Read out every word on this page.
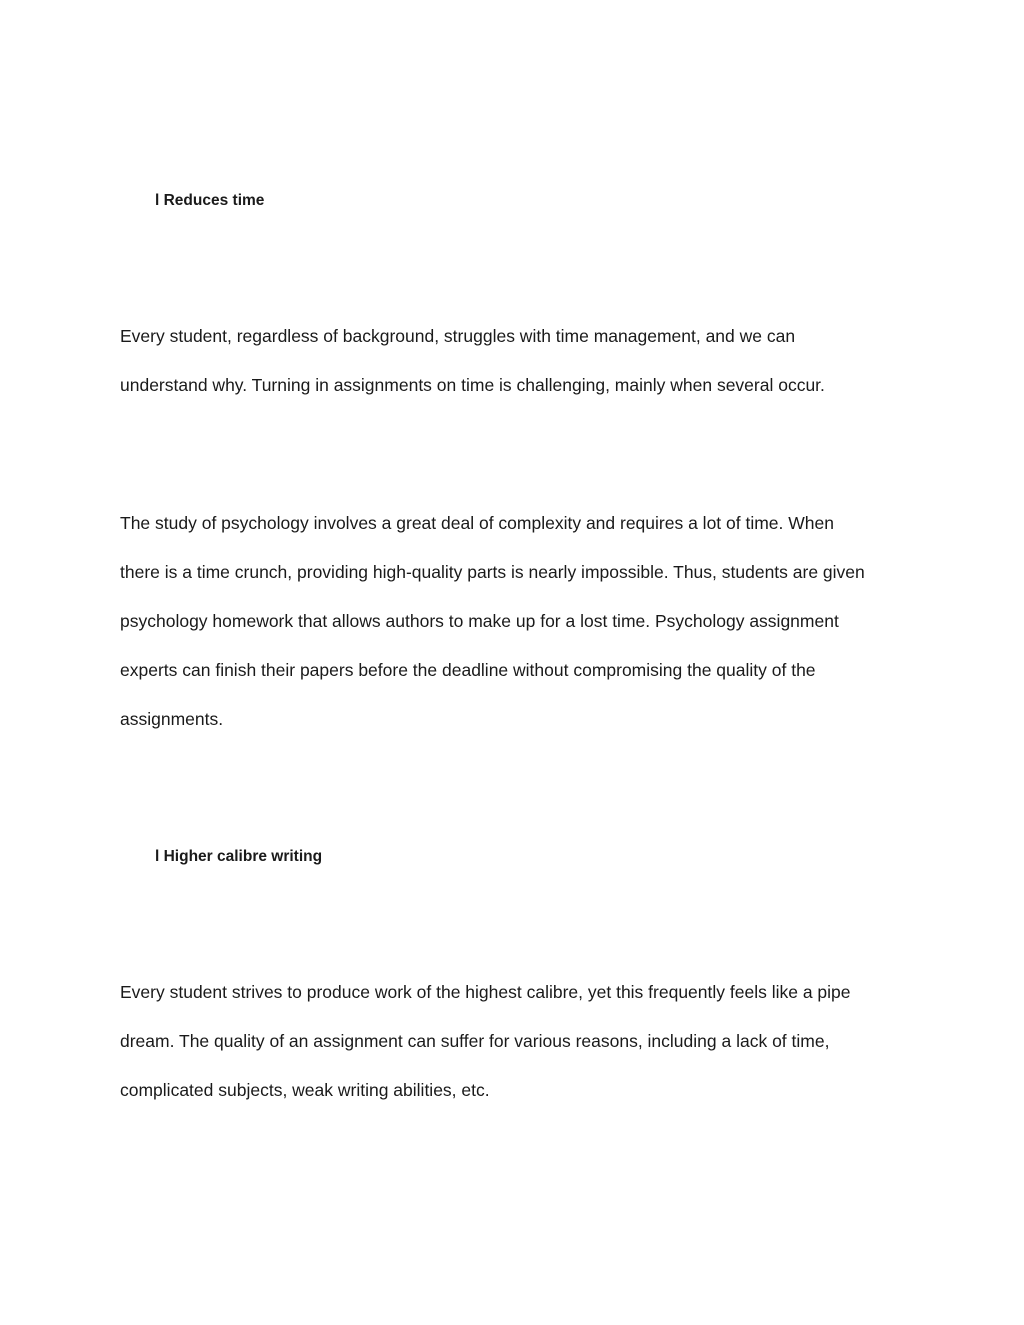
l Reduces time

Every student, regardless of background, struggles with time management, and we can
understand why. Turning in assignments on time is challenging, mainly when several occur.

The study of psychology involves a great deal of complexity and requires a lot of time. When
there is a time crunch, providing high-quality parts is nearly impossible. Thus, students are given
psychology homework that allows authors to make up for a lost time. Psychology assignment
experts can finish their papers before the deadline without compromising the quality of the
assignments.

l Higher calibre writing

Every student strives to produce work of the highest calibre, yet this frequently feels like a pipe
dream. The quality of an assignment can suffer for various reasons, including a lack of time,
complicated subjects, weak writing abilities, etc.
